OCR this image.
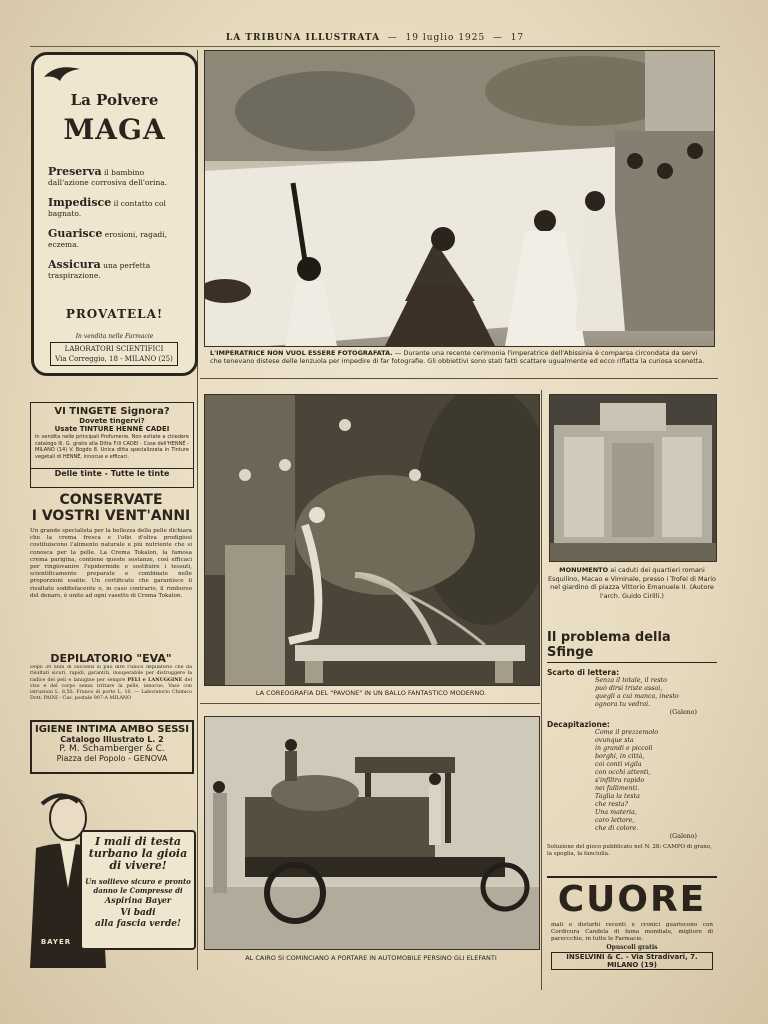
LA TRIBUNA ILLUSTRATA  —  19 luglio 1925  —  17
La Polvere
MAGA
Preserva il bambino dall'azione corrosiva dell'orina.
Impedisce il contatto col bagnato.
Guarisce erosioni, ragadi, eczema.
Assicura una perfetta traspirazione.
PROVATELA!
In vendita nelle Farmacie
LABORATORI SCIENTIFICI
Via Correggio, 18 - MILANO (25)
VI TINGETE Signora?
Dovete tingervi?
Usate TINTURE HENNÉ CADEI
in vendita nelle principali Profumerie. Non esitate a chiedere catalogo Ill. G. gratis alla Ditta F.lli CADEI - Cose dell'HENNÉ - MILANO (14) V. Bogdo 8. Unica ditta specializzata in Tinture vegetali di HENNÉ, innocue e efficaci.
Delle tinte - Tutte le tinte
CONSERVATE
I VOSTRI VENT'ANNI
Un grande specialista per la bellezza della pelle dichiara che la crema fresca e l'olio d'oliva prodigiosi costituiscono l'alimento naturale e più nutriente che si conosca per la pelle. La Crema Tokalon, la famosa crema parigina, contiene queste sostanze, così efficaci per ringiovanire l'epidermide e sostituire i tessuti, scientificamente preparate e combinate nelle proporzioni esatte. Un certificato che garantisce il risultato soddisfacente o, in caso contrario, il rimborso del denaro, è unito ad ogni vasetto di Crema Tokalon.
DEPILATORIO "EVA"
Dopo 30 anni di successi si può dire l'unico depilatorio che dà risultati sicuri, rapidi, garantiti, insuperabile per distruggere la radice dei peli e lanugine per sempre PELI e LANUGGINE del viso e del corpo senza irritare la pelle, innocuo. Vaso con istruzioni L. 8,50. Franco di porto L. 10. — Laboratorio Chimico Dott. PAINI - Cas. postale 907-A MILANO
IGIENE INTIMA AMBO SESSI
Catalogo Illustrato L. 2
P. M. Schamberger & C.
Piazza del Popolo - GENOVA
I mali di testa
turbano la gioia
di vivere!
Un sollievo sicuro e pronto
danno le Compresse di
Aspirina Bayer
Vi badi
alla fascia verde!
BAYER
L'IMPERATRICE NON VUOL ESSERE FOTOGRAFATA. — Durante una recente cerimonia l'imperatrice dell'Abissinia è comparsa circondata da servi che tenevano distese delle lenzuola per impedire di far fotografie. Gli obbiettivi sono stati fatti scattare ugualmente ed ecco riflatta la curiosa scenetta.
LA COREOGRAFIA DEL "PAVONE" IN UN BALLO FANTASTICO MODERNO.
MONUMENTO ai caduti dei quartieri romani Esquilino, Macao e Viminale, presso i Trofei di Mario nel giardino di piazza Vittorio Emanuele II. (Autore l'arch. Guido Cirilli.)
Il problema della Sfinge
Scarto di lettera:
Senza il totale, il resto
può dirsi triste assai,
quegli a cui manca, inesto
ognora tu vedrai.
(Galeno)
Decapitazione:
Come il prezzemolo
ovunque sta
in grandi e piccoli
borghi, in città,
coi conti vigila
con occhi attenti,
s'infiltra rapido
nei fallimenti.
Taglia la testa
che resta?
Una materia,
caro lettore,
che di colore.
(Galeno)
Soluzione del gioco pubblicato nel N. 28: CAMPO di grano, la spoglia, la fanciulla.
CUORE
mali e disturbi recenti e cronici guariscono con Cordicura Candela di fama mondiale, migliore di pareccchie, in tutte le Farmacie.
Opuscoli gratis
INSELVINI & C. - Via Stradivari, 7. MILANO (19)
AL CAIRO SI COMINCIANO A PORTARE IN AUTOMOBILE PERSINO GLI ELEFANTI
